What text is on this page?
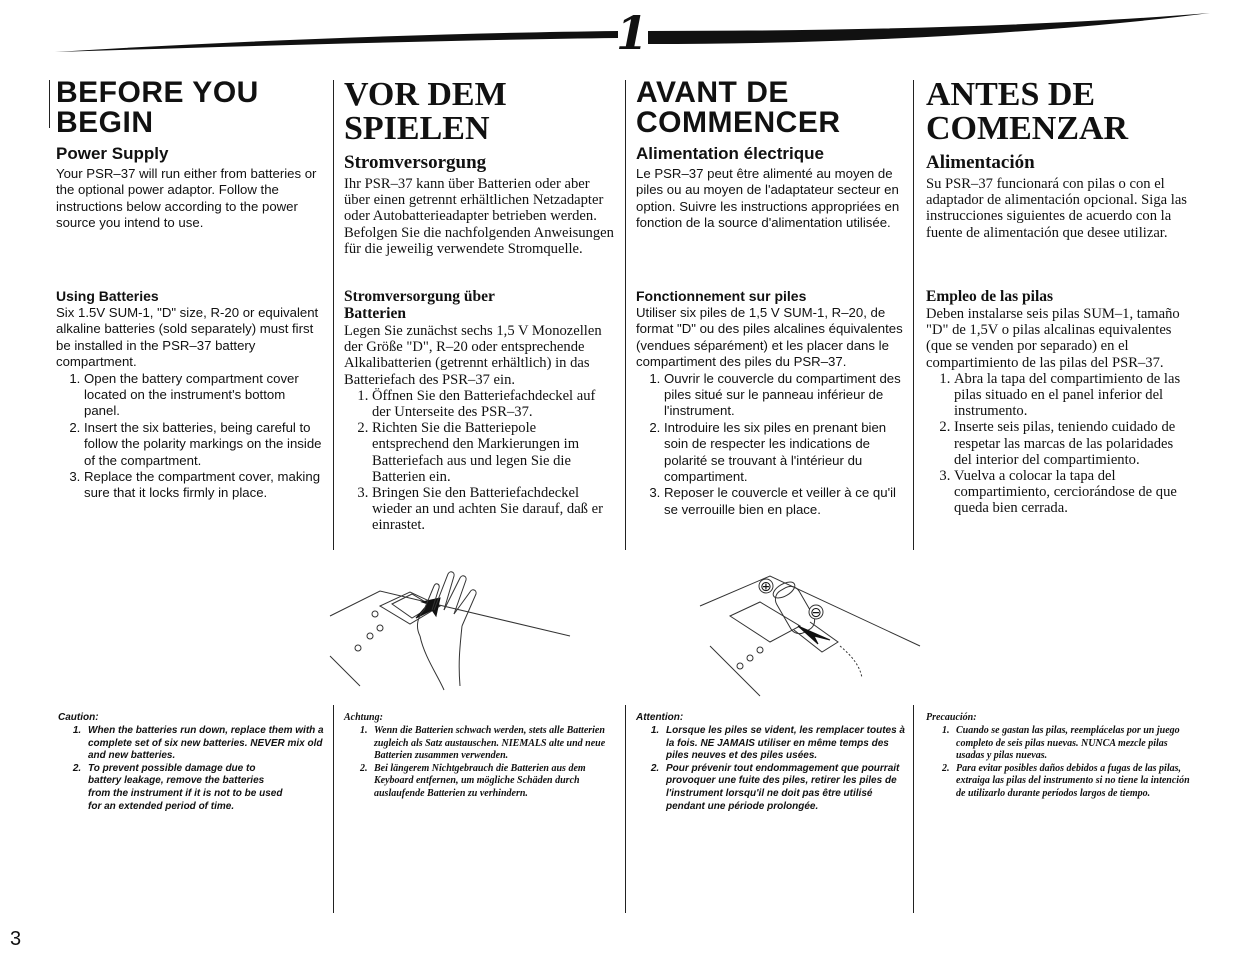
1
BEFORE YOU BEGIN
Power Supply

Your PSR–37 will run either from batteries or the optional power adaptor. Follow the instructions below according to the power source you intend to use.

Using Batteries

Six 1.5V SUM-1, "D" size, R-20 or equivalent alkaline batteries (sold separately) must first be installed in the PSR–37 battery compartment.

1. Open the battery compartment cover located on the instrument's bottom panel.
2. Insert the six batteries, being careful to follow the polarity markings on the inside of the compartment.
3. Replace the compartment cover, making sure that it locks firmly in place.
VOR DEM SPIELEN
Stromversorgung

Ihr PSR–37 kann über Batterien oder aber über einen getrennt erhältlichen Netzadapter oder Autobatterieadapter betrieben werden. Befolgen Sie die nachfolgenden Anweisungen für die jeweilig verwendete Stromquelle.

Stromversorgung über Batterien

Legen Sie zunächst sechs 1,5 V Monozellen der Größe "D", R–20 oder entsprechende Alkalibatterien (getrennt erhältlich) in das Batteriefach des PSR–37 ein.

1. Öffnen Sie den Batteriefachdeckel auf der Unterseite des PSR–37.
2. Richten Sie die Batteriepole entsprechend den Markierungen im Batteriefach aus und legen Sie die Batterien ein.
3. Bringen Sie den Batteriefachdeckel wieder an und achten Sie darauf, daß er einrastet.
AVANT DE COMMENCER
Alimentation électrique

Le PSR–37 peut être alimenté au moyen de piles ou au moyen de l'adaptateur secteur en option. Suivre les instructions appropriées en fonction de la source d'alimentation utilisée.

Fonctionnement sur piles

Utiliser six piles de 1,5 V SUM-1, R–20, de format "D" ou des piles alcalines équivalentes (vendues séparément) et les placer dans le compartiment des piles du PSR–37.

1. Ouvrir le couvercle du compartiment des piles situé sur le panneau inférieur de l'instrument.
2. Introduire les six piles en prenant bien soin de respecter les indications de polarité se trouvant à l'intérieur du compartiment.
3. Reposer le couvercle et veiller à ce qu'il se verrouille bien en place.
ANTES DE COMENZAR
Alimentación

Su PSR–37 funcionará con pilas o con el adaptador de alimentación opcional. Siga las instrucciones siguientes de acuerdo con la fuente de alimentación que desee utilizar.

Empleo de las pilas

Deben instalarse seis pilas SUM–1, tamaño "D" de 1,5V o pilas alcalinas equivalentes (que se venden por separado) en el compartimiento de las pilas del PSR–37.

1. Abra la tapa del compartimiento de las pilas situado en el panel inferior del instrumento.
2. Inserte seis pilas, teniendo cuidado de respetar las marcas de las polaridades del interior del compartimiento.
3. Vuelva a colocar la tapa del compartimiento, cerciorándose de que queda bien cerrada.
⊕
⊖
Caution:
1. When the batteries run down, replace them with a complete set of six new batteries. NEVER mix old and new batteries.
2. To prevent possible damage due to battery leakage, remove the batteries from the instrument if it is not to be used for an extended period of time.
Achtung:
1. Wenn die Batterien schwach werden, stets alle Batterien zugleich als Satz austauschen. NIEMALS alte und neue Batterien zusammen verwenden.
2. Bei längerem Nichtgebrauch die Batterien aus dem Keyboard entfernen, um mögliche Schäden durch auslaufende Batterien zu verhindern.
Attention:
1. Lorsque les piles se vident, les remplacer toutes à la fois. NE JAMAIS utiliser en même temps des piles neuves et des piles usées.
2. Pour prévenir tout endommagement que pourrait provoquer une fuite des piles, retirer les piles de l'instrument lorsqu'il ne doit pas être utilisé pendant une période prolongée.
Precaución:
1. Cuando se gastan las pilas, reemplácelas por un juego completo de seis pilas nuevas. NUNCA mezcle pilas usadas y pilas nuevas.
2. Para evitar posibles daños debidos a fugas de las pilas, extraiga las pilas del instrumento si no tiene la intención de utilizarlo durante períodos largos de tiempo.
3
